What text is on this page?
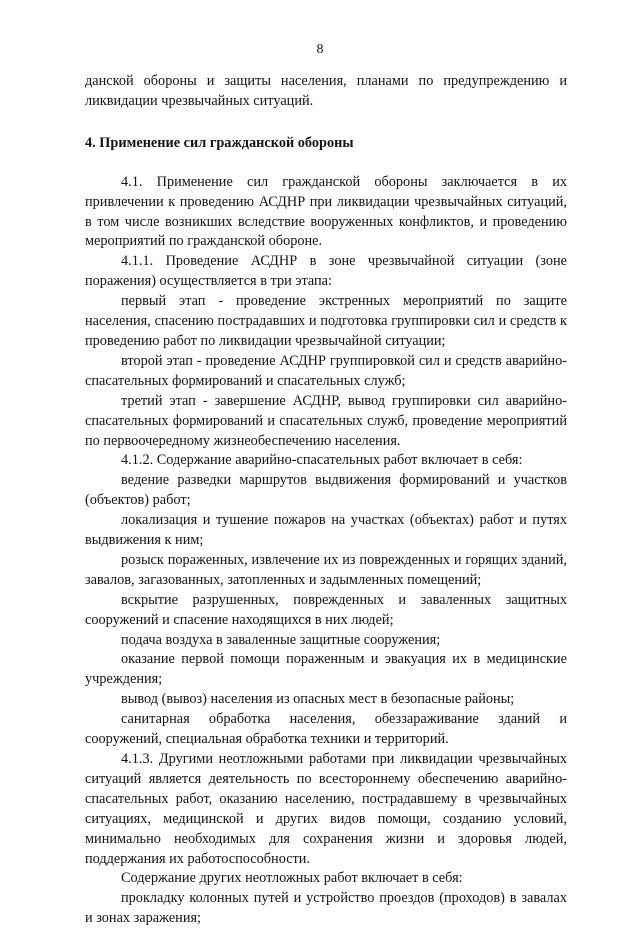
8

данской обороны и защиты населения, планами по предупреждению и ликвидации чрезвычайных ситуаций.

4. Применение сил гражданской обороны

4.1. Применение сил гражданской обороны заключается в их привлечении к проведению АСДНР при ликвидации чрезвычайных ситуаций, в том числе возникших вследствие вооруженных конфликтов, и проведению мероприятий по гражданской обороне.

4.1.1. Проведение АСДНР в зоне чрезвычайной ситуации (зоне поражения) осуществляется в три этапа:

первый этап - проведение экстренных мероприятий по защите населения, спасению пострадавших и подготовка группировки сил и средств к проведению работ по ликвидации чрезвычайной ситуации;

второй этап - проведение АСДНР группировкой сил и средств аварийно-спасательных формирований и спасательных служб;

третий этап - завершение АСДНР, вывод группировки сил аварийно-спасательных формирований и спасательных служб, проведение мероприятий по первоочередному жизнеобеспечению населения.

4.1.2. Содержание аварийно-спасательных работ включает в себя:

ведение разведки маршрутов выдвижения формирований и участков (объектов) работ;

локализация и тушение пожаров на участках (объектах) работ и путях выдвижения к ним;

розыск пораженных, извлечение их из поврежденных и горящих зданий, завалов, загазованных, затопленных и задымленных помещений;

вскрытие разрушенных, поврежденных и заваленных защитных сооружений и спасение находящихся в них людей;

подача воздуха в заваленные защитные сооружения;

оказание первой помощи пораженным и эвакуация их в медицинские учреждения;

вывод (вывоз) населения из опасных мест в безопасные районы;

санитарная обработка населения, обеззараживание зданий и сооружений, специальная обработка техники и территорий.

4.1.3. Другими неотложными работами при ликвидации чрезвычайных ситуаций является деятельность по всестороннему обеспечению аварийно- спасательных работ, оказанию населению, пострадавшему в чрезвычайных ситуациях, медицинской и других видов помощи, созданию условий, минимально необходимых для сохранения жизни и здоровья людей, поддержания их работоспособности.

Содержание других неотложных работ включает в себя:

прокладку колонных путей и устройство проездов (проходов) в завалах и зонах заражения;
